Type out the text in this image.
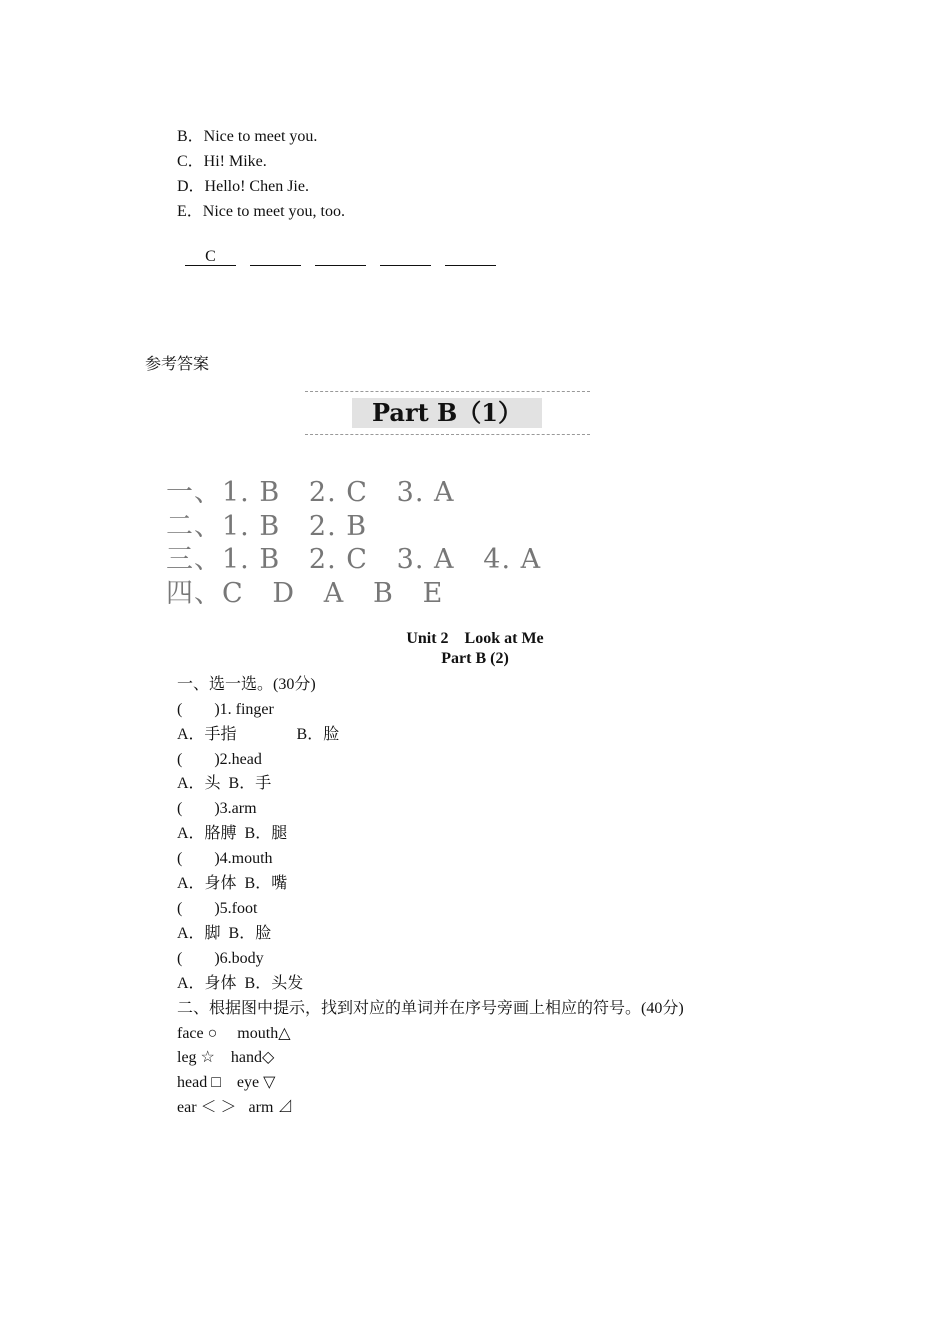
B．Nice to meet you.
C．Hi! Mike.
D．Hello! Chen Jie.
E．Nice to meet you, too.

C

参考答案
Part B（1）
一、1. B   2. C   3. A
二、1. B   2. B
三、1. B   2. C   3. A   4. A
四、C   D   A   B   E
Unit 2　Look at Me
Part B (2)
一、选一选。(30分)
(　　)1. finger
A．手指               B．脸
(　　)2.head
A．头  B．手
(　　)3.arm
A．胳膊  B．腿
(　　)4.mouth
A．身体  B．嘴
(　　)5.foot
A．脚  B．脸
(　　)6.body
A．身体  B．头发
二、根据图中提示，找到对应的单词并在序号旁画上相应的符号。(40分)
face ○     mouth△
leg ☆    hand◇
head □    eye ▽
ear ＜ ＞   arm ⊿
